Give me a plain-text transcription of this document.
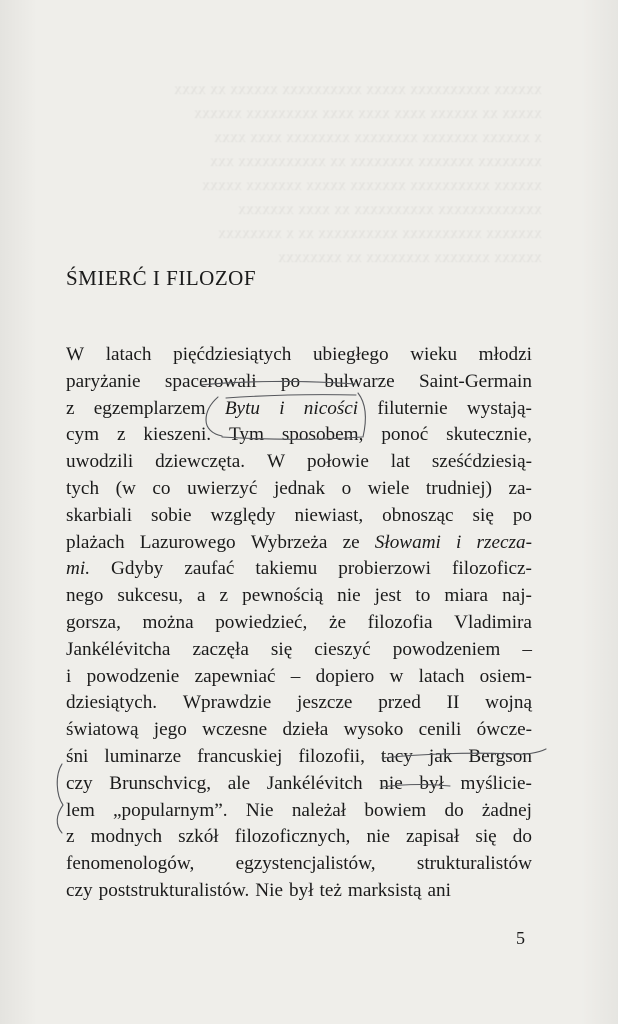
xxxxxx xxxxxxxxxx xxxxx xxxxxxxxxx xxxxxx xx xxxx
xxxxx xx xxxxxx xxxx xxxx xxxx xxxxxxxxx xxxxxx
x xxxxxx xxxxxxx xxxxxxxx xxxxxxxx xxxx xxxx
xxxxxxxx xxxxxxx xxxxxxxx xx xxxxxxxxxxx xxx
xxxxxx xxxxxxxxxx xxxxxxx xxxxx xxxxxxx xxxxx
xxxxxxxxxxxxx xxxxxxxxxx xx xxxx xxxxxxx
xxxxxxx xxxxxxxxxx xxxxxxxxxx xx x xxxxxxxx
xxxxxx xxxxxxx xxxxxxxx xx xxxxxxxx
ŚMIERĆ I FILOZOF
W latach pięćdziesiątych ubiegłego wieku młodzi
paryżanie spacerowali po bulwarze Saint-Germain
z egzemplarzem Bytu i nicości filuternie wystają-
cym z kieszeni. Tym sposobem, ponoć skutecznie,
uwodzili dziewczęta. W połowie lat sześćdziesią-
tych (w co uwierzyć jednak o wiele trudniej) za-
skarbiali sobie względy niewiast, obnosząc się po
plażach Lazurowego Wybrzeża ze Słowami i rzecza-
mi. Gdyby zaufać takiemu probierzowi filozoficz-
nego sukcesu, a z pewnością nie jest to miara naj-
gorsza, można powiedzieć, że filozofia Vladimira
Jankélévitcha zaczęła się cieszyć powodzeniem –
i powodzenie zapewniać – dopiero w latach osiem-
dziesiątych. Wprawdzie jeszcze przed II wojną
światową jego wczesne dzieła wysoko cenili ówcze-
śni luminarze francuskiej filozofii, tacy jak Bergson
czy Brunschvicg, ale Jankélévitch nie był myślicie-
lem „popularnym”. Nie należał bowiem do żadnej
z modnych szkół filozoficznych, nie zapisał się do
fenomenologów, egzystencjalistów, strukturalistów
czy poststrukturalistów. Nie był też marksistą ani
5
